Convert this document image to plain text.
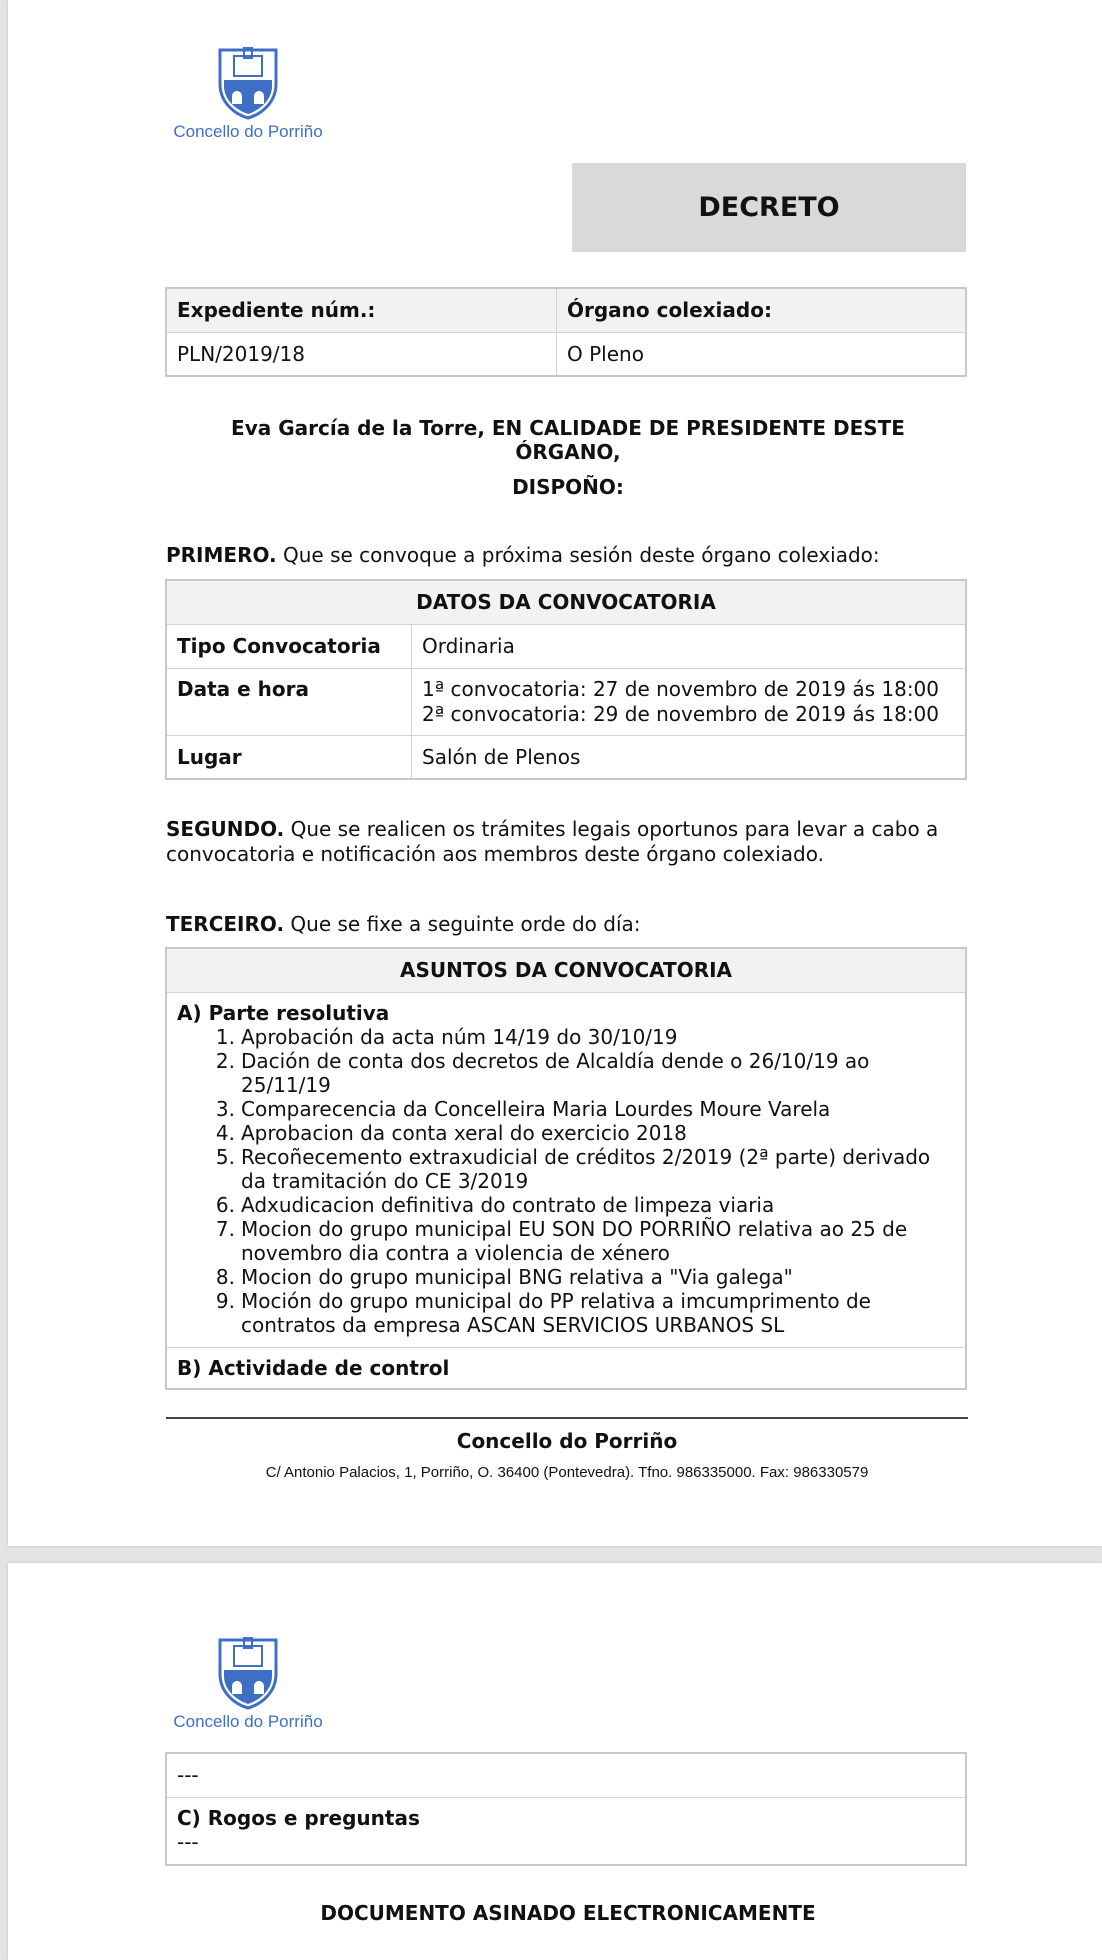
Concello do Porriño
DECRETO
Expediente núm.:	Órgano colexiado:
PLN/2019/18	O Pleno
Eva García de la Torre, EN CALIDADE DE PRESIDENTE DESTE ÓRGANO,
DISPOÑO:
PRIMERO. Que se convoque a próxima sesión deste órgano colexiado:
DATOS DA CONVOCATORIA	
Tipo Convocatoria	Ordinaria
Data e hora	1ª convocatoria: 27 de novembro de 2019 ás 18:00
2ª convocatoria: 29 de novembro de 2019 ás 18:00

Lugar	Salón de Plenos
SEGUNDO. Que se realicen os trámites legais oportunos para levar a cabo a convocatoria e notificación aos membros deste órgano colexiado.
TERCEIRO. Que se fixe a seguinte orde do día:
ASUNTOS DA CONVOCATORIA

A) Parte resolutiva
1. Aprobación da acta núm 14/19 do 30/10/19
2. Dación de conta dos decretos de Alcaldía dende o 26/10/19 ao 25/11/19
3. Comparecencia da Concelleira Maria Lourdes Moure Varela
4. Aprobacion da conta xeral do exercicio 2018
5. Recoñecemento extraxudicial de créditos 2/2019 (2ª parte) derivado da tramitación do CE 3/2019
6. Adxudicacion definitiva do contrato de limpeza viaria
7. Mocion do grupo municipal EU SON DO PORRIÑO relativa ao 25 de novembro dia contra a violencia de xénero
8. Mocion do grupo municipal BNG relativa a "Via galega"
9. Moción do grupo municipal do PP relativa a imcumprimento de contratos da empresa ASCAN SERVICIOS URBANOS SL

B) Actividade de control
Concello do Porriño
C/ Antonio Palacios, 1, Porriño, O. 36400 (Pontevedra). Tfno. 986335000. Fax: 986330579
Concello do Porriño
---

C) Rogos e preguntas
---
DOCUMENTO ASINADO ELECTRONICAMENTE
